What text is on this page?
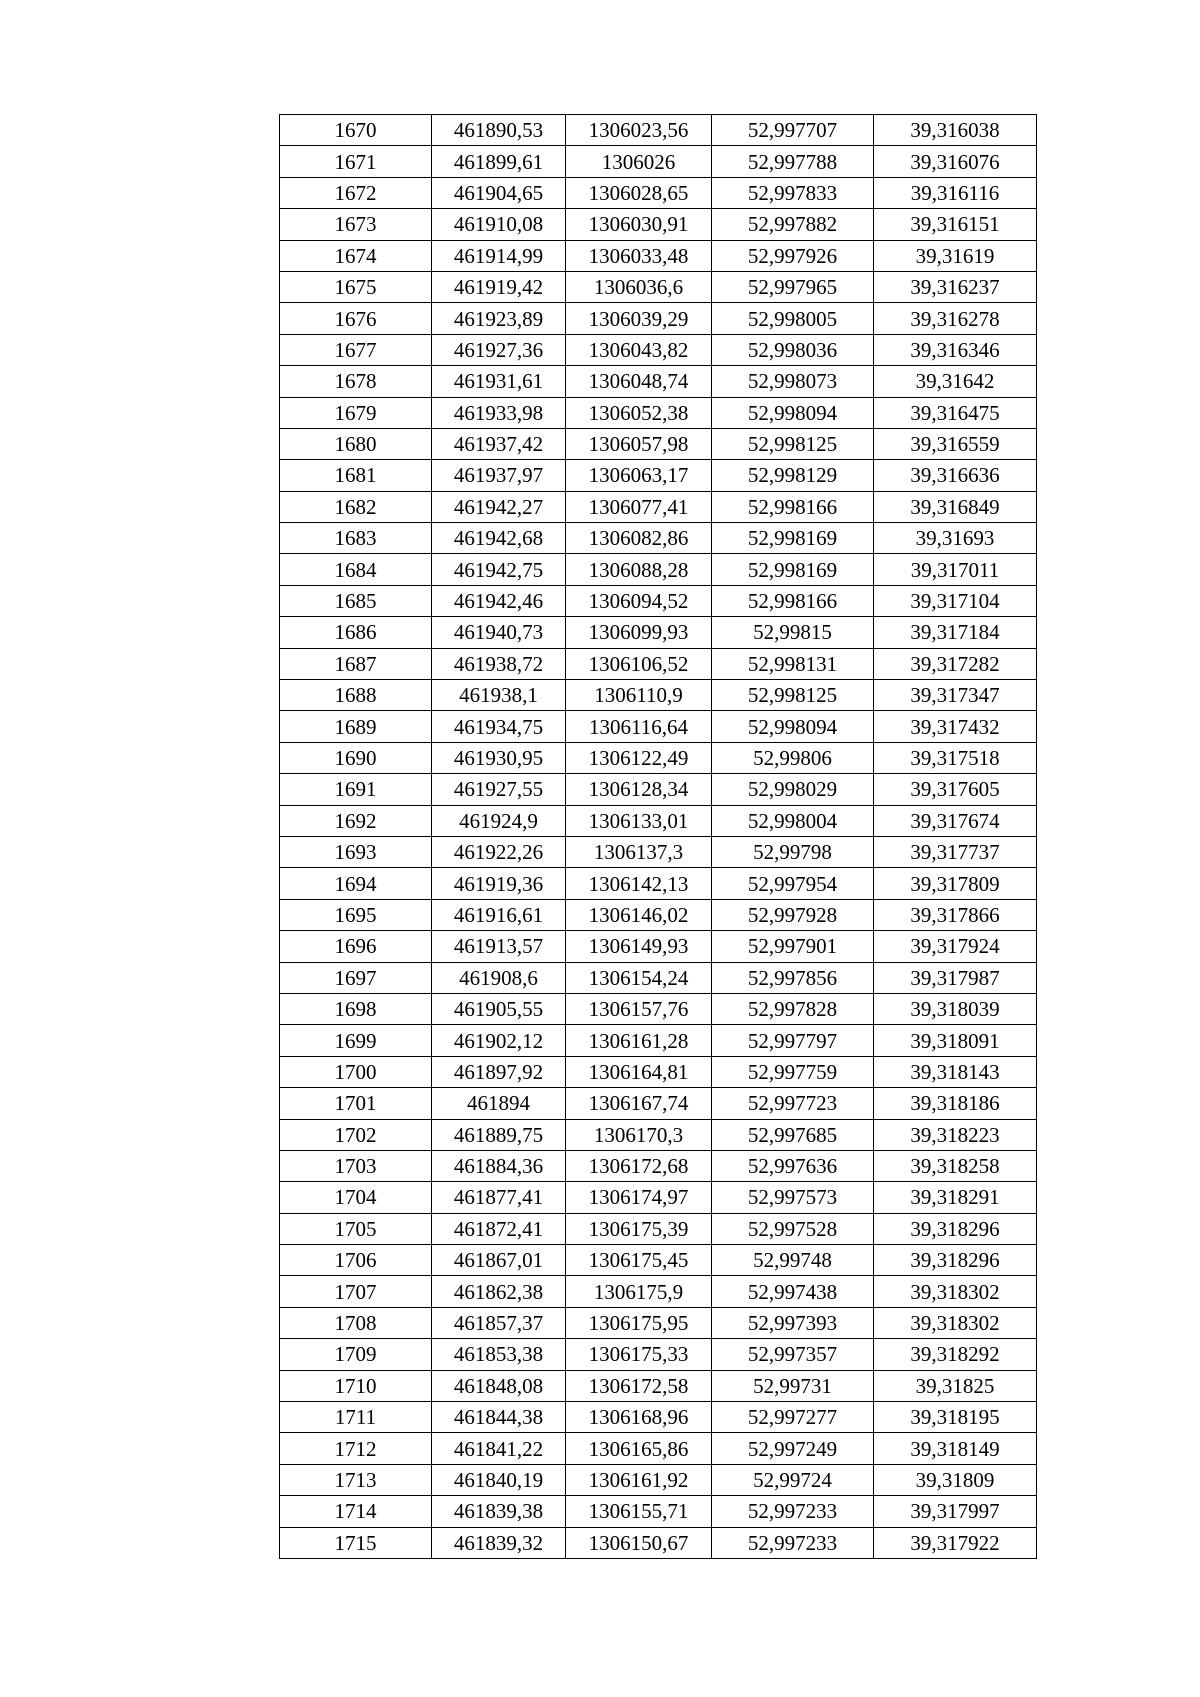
1670	461890,53	1306023,56	52,997707	39,316038
1671	461899,61	1306026	52,997788	39,316076
1672	461904,65	1306028,65	52,997833	39,316116
1673	461910,08	1306030,91	52,997882	39,316151
1674	461914,99	1306033,48	52,997926	39,31619
1675	461919,42	1306036,6	52,997965	39,316237
1676	461923,89	1306039,29	52,998005	39,316278
1677	461927,36	1306043,82	52,998036	39,316346
1678	461931,61	1306048,74	52,998073	39,31642
1679	461933,98	1306052,38	52,998094	39,316475
1680	461937,42	1306057,98	52,998125	39,316559
1681	461937,97	1306063,17	52,998129	39,316636
1682	461942,27	1306077,41	52,998166	39,316849
1683	461942,68	1306082,86	52,998169	39,31693
1684	461942,75	1306088,28	52,998169	39,317011
1685	461942,46	1306094,52	52,998166	39,317104
1686	461940,73	1306099,93	52,99815	39,317184
1687	461938,72	1306106,52	52,998131	39,317282
1688	461938,1	1306110,9	52,998125	39,317347
1689	461934,75	1306116,64	52,998094	39,317432
1690	461930,95	1306122,49	52,99806	39,317518
1691	461927,55	1306128,34	52,998029	39,317605
1692	461924,9	1306133,01	52,998004	39,317674
1693	461922,26	1306137,3	52,99798	39,317737
1694	461919,36	1306142,13	52,997954	39,317809
1695	461916,61	1306146,02	52,997928	39,317866
1696	461913,57	1306149,93	52,997901	39,317924
1697	461908,6	1306154,24	52,997856	39,317987
1698	461905,55	1306157,76	52,997828	39,318039
1699	461902,12	1306161,28	52,997797	39,318091
1700	461897,92	1306164,81	52,997759	39,318143
1701	461894	1306167,74	52,997723	39,318186
1702	461889,75	1306170,3	52,997685	39,318223
1703	461884,36	1306172,68	52,997636	39,318258
1704	461877,41	1306174,97	52,997573	39,318291
1705	461872,41	1306175,39	52,997528	39,318296
1706	461867,01	1306175,45	52,99748	39,318296
1707	461862,38	1306175,9	52,997438	39,318302
1708	461857,37	1306175,95	52,997393	39,318302
1709	461853,38	1306175,33	52,997357	39,318292
1710	461848,08	1306172,58	52,99731	39,31825
1711	461844,38	1306168,96	52,997277	39,318195
1712	461841,22	1306165,86	52,997249	39,318149
1713	461840,19	1306161,92	52,99724	39,31809
1714	461839,38	1306155,71	52,997233	39,317997
1715	461839,32	1306150,67	52,997233	39,317922
